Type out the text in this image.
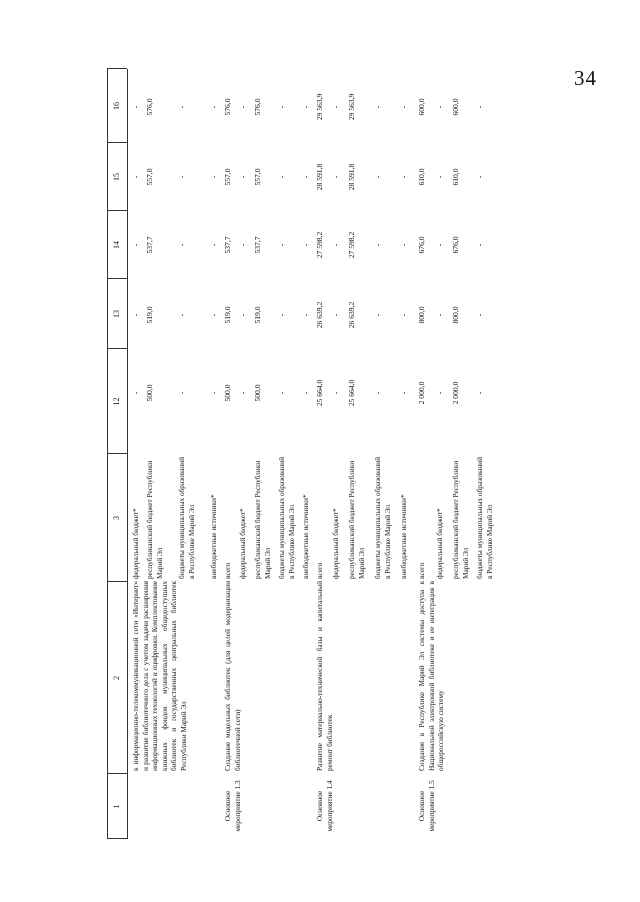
34
1
2
3
12
13
14
15
16
к информационно-телекоммуникационной сети «Интернет» и развитие библиотечного дела с учетом задачи расширения информационных технологий и оцифровки. Комплектование книжных фондов муниципальных общедоступных библиотек и государственных центральных библиотек Республики Марий Эл
федеральный бюджет*
-
-
-
-
-
республиканский бюджет Республики Марий Эл
500,0
519,0
537,7
557,0
576,0
бюджеты муниципальных образований в Республике Марий Эл
-
-
-
-
-
внебюджетные источники*
-
-
-
-
-
Основное мероприятие 1.3
Создание модельных библиотек (для целей модернизации библиотечной сети)
всего
500,0
519,0
537,7
557,0
576,0
федеральный бюджет*
-
-
-
-
-
республиканский бюджет Республики Марий Эл
500,0
519,0
537,7
557,0
576,0
бюджеты муниципальных образований в Республике Марий Эл
-
-
-
-
-
внебюджетные источники*
-
-
-
-
-
Основное мероприятие 1.4
Развитие материально-технической базы и капитальный ремонт библиотек
всего
25 664,0
26 639,2
27 598,2
28 591,8
29 563,9
федеральный бюджет*
-
-
-
-
-
республиканский бюджет Республики Марий Эл
25 664,0
26 639,2
27 598,2
28 591,8
29 563,9
бюджеты муниципальных образований в Республике Марий Эл
-
-
-
-
-
внебюджетные источники*
-
-
-
-
-
Основное мероприятие 1.5
Создание в Республике Марий Эл системы доступа к Национальной электронной библиотеке и ее интеграция в общероссийскую систему
всего
2 000,0
800,0
676,0
610,0
600,0
федеральный бюджет*
-
-
-
-
-
республиканский бюджет Республики Марий Эл
2 000,0
800,0
676,0
610,0
600,0
бюджеты муниципальных образований в Республике Марий Эл
-
-
-
-
-
